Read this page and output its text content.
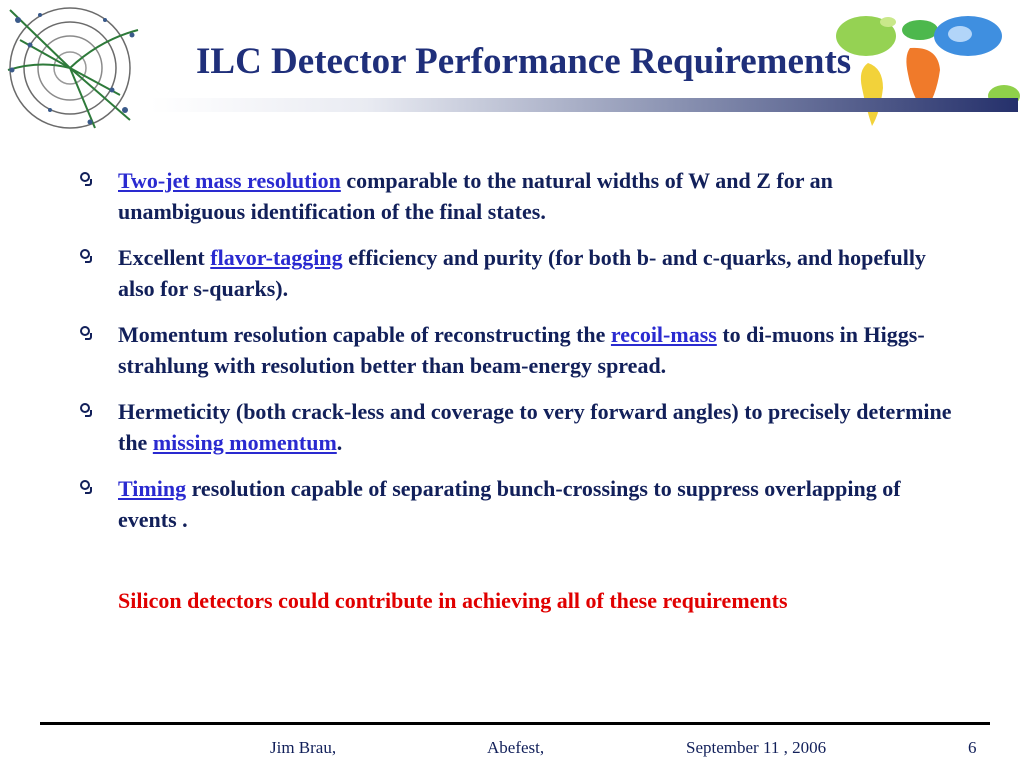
ILC Detector Performance Requirements
Two-jet mass resolution comparable to the natural widths of W and Z for an unambiguous identification of the final states.
Excellent flavor-tagging efficiency and purity (for both b- and c-quarks, and hopefully also for s-quarks).
Momentum resolution capable of reconstructing the recoil-mass to di-muons in Higgs-strahlung with resolution better than beam-energy spread.
Hermeticity (both crack-less and coverage to very forward angles) to precisely determine the missing momentum.
Timing resolution capable of separating bunch-crossings to suppress overlapping of events .
Silicon detectors could contribute in achieving all of these requirements
Jim Brau,	Abefest,	September 11 , 2006	6
